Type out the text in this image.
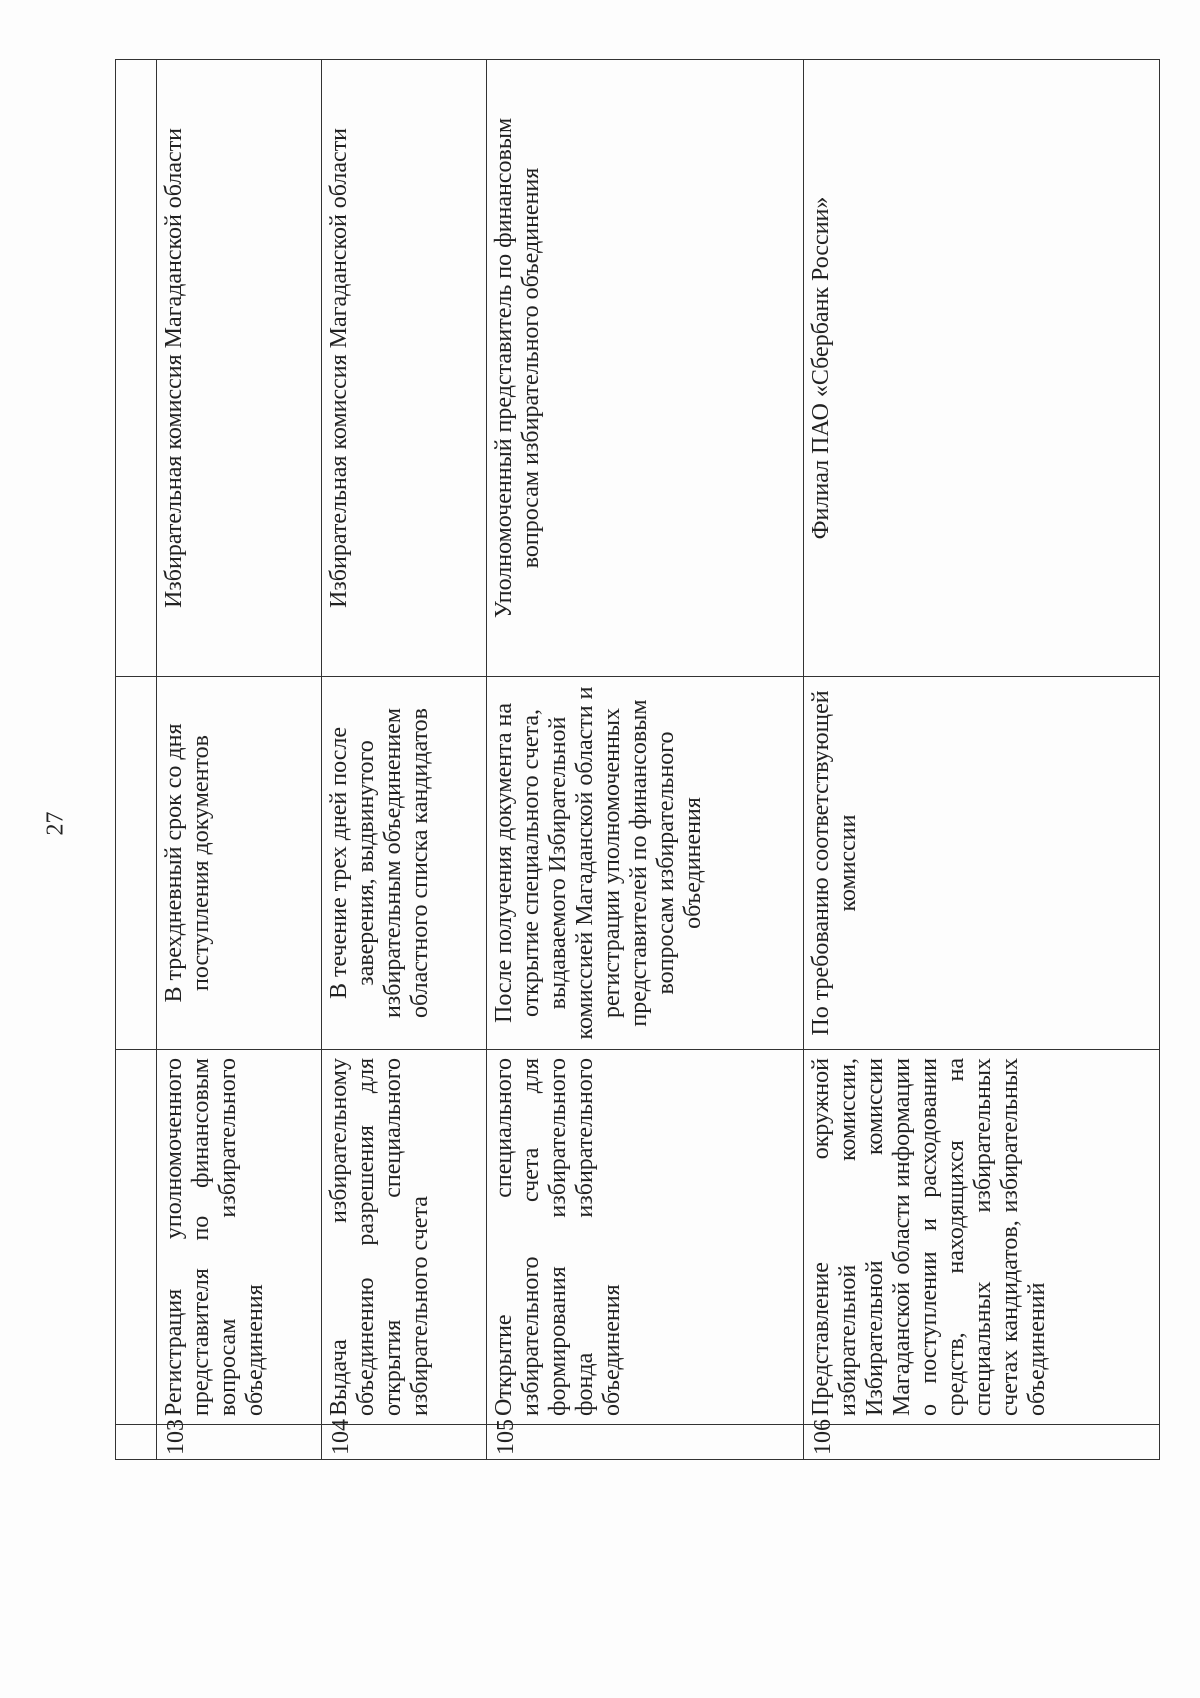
27

103	Регистрация уполномоченного представителя по финансовым вопросам избирательного объединения	В трехдневный срок со дня поступления документов	Избирательная комиссия Магаданской области
104	Выдача избирательному объединению разрешения для открытия специального избирательного счета	В течение трех дней после заверения, выдвинутого избирательным объединением областного списка кандидатов	Избирательная комиссия Магаданской области
105	Открытие специального избирательного счета для формирования избирательного фонда избирательного объединения	После получения документа на открытие специального счета, выдаваемого Избирательной комиссией Магаданской области и регистрации уполномоченных представителей по финансовым вопросам избирательного объединения	Уполномоченный представитель по финансовым вопросам избирательного объединения
106	Представление окружной избирательной комиссии, Избирательной комиссии Магаданской области информации о поступлении и расходовании средств, находящихся на специальных избирательных счетах кандидатов, избирательных объединений	По требованию соответствующей комиссии	Филиал ПАО «Сбербанк России»
